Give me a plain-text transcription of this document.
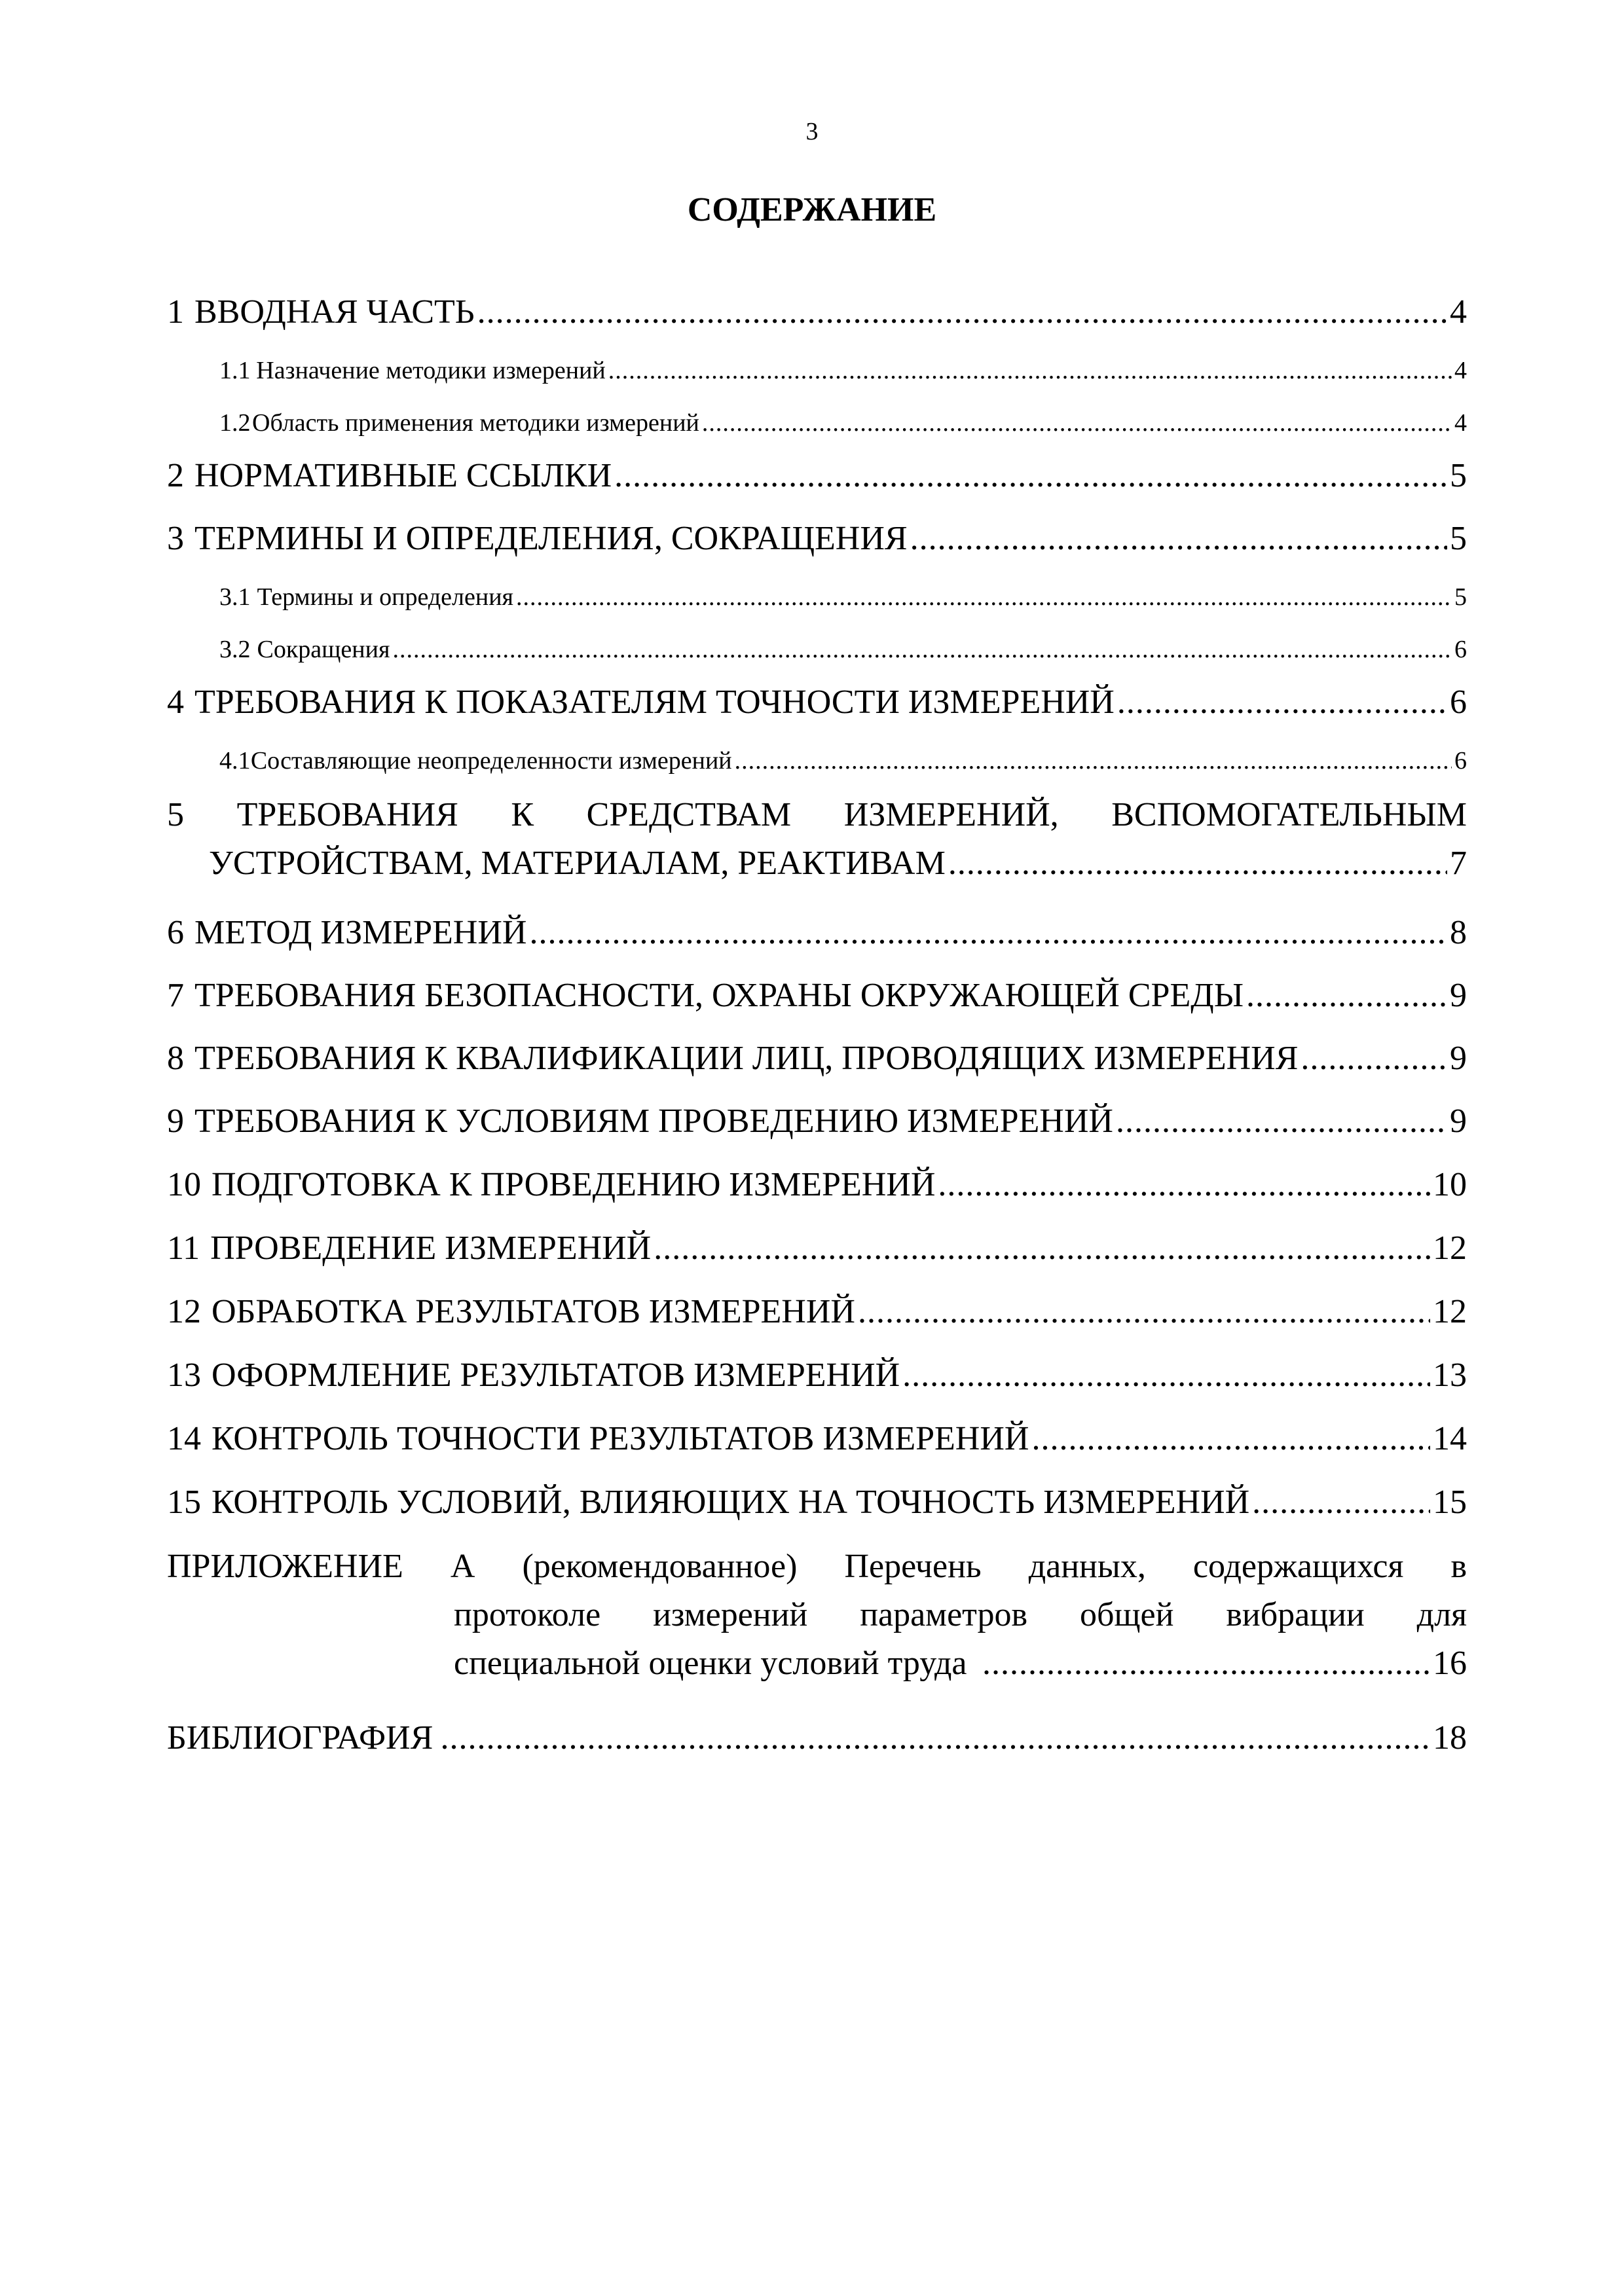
3
СОДЕРЖАНИЕ
1 ВВОДНАЯ ЧАСТЬ .....	4
1.1 Назначение методики измерений .....	4
1.2 Область применения методики измерений .....	4
2 НОРМАТИВНЫЕ ССЫЛКИ .....	5
3 ТЕРМИНЫ И ОПРЕДЕЛЕНИЯ, СОКРАЩЕНИЯ .....	5
3.1 Термины и определения .....	5
3.2 Сокращения .....	6
4 ТРЕБОВАНИЯ К ПОКАЗАТЕЛЯМ ТОЧНОСТИ ИЗМЕРЕНИЙ .....	6
4.1 Составляющие неопределенности измерений .....	6
5 ТРЕБОВАНИЯ К СРЕДСТВАМ ИЗМЕРЕНИЙ, ВСПОМОГАТЕЛЬНЫМ
УСТРОЙСТВАМ, МАТЕРИАЛАМ, РЕАКТИВАМ .....	7
6 МЕТОД ИЗМЕРЕНИЙ .....	8
7 ТРЕБОВАНИЯ БЕЗОПАСНОСТИ, ОХРАНЫ ОКРУЖАЮЩЕЙ СРЕДЫ .....	9
8 ТРЕБОВАНИЯ К КВАЛИФИКАЦИИ ЛИЦ, ПРОВОДЯЩИХ ИЗМЕРЕНИЯ .....	9
9 ТРЕБОВАНИЯ К УСЛОВИЯМ ПРОВЕДЕНИЮ ИЗМЕРЕНИЙ .....	9
10 ПОДГОТОВКА К ПРОВЕДЕНИЮ ИЗМЕРЕНИЙ .....	10
11 ПРОВЕДЕНИЕ ИЗМЕРЕНИЙ .....	12
12 ОБРАБОТКА РЕЗУЛЬТАТОВ ИЗМЕРЕНИЙ .....	12
13 ОФОРМЛЕНИЕ РЕЗУЛЬТАТОВ ИЗМЕРЕНИЙ .....	13
14 КОНТРОЛЬ ТОЧНОСТИ РЕЗУЛЬТАТОВ ИЗМЕРЕНИЙ .....	14
15 КОНТРОЛЬ УСЛОВИЙ, ВЛИЯЮЩИХ НА ТОЧНОСТЬ ИЗМЕРЕНИЙ .....	15
ПРИЛОЖЕНИЕ А (рекомендованное) Перечень данных, содержащихся в
протоколе измерений параметров общей вибрации для
специальной оценки условий труда .....	16
БИБЛИОГРАФИЯ .....	18
